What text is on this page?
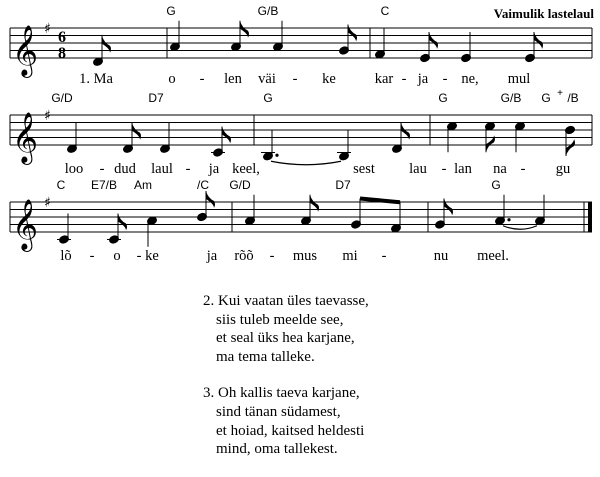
Vaimulik lastelaul
𝄞 ♯ 6
8
𝄞 ♯
𝄞 ♯
G	G/B	C
1. Ma	o - len väi - ke	kar - ja - ne, mul
G/D	D7	G	G	G/B G + /B
loo - dud laul - ja keel,	sest lau - lan na - gu
C E7/B Am	/C G/D	D7	G
lõ - o - ke	ja rõõ - mus mi -	nu meel.
2. Kui vaatan üles taevasse,
siis tuleb meelde see,
et seal üks hea karjane,
ma tema talleke.
3. Oh kallis taeva karjane,
sind tänan südamest,
et hoiad, kaitsed heldesti
mind, oma tallekest.
